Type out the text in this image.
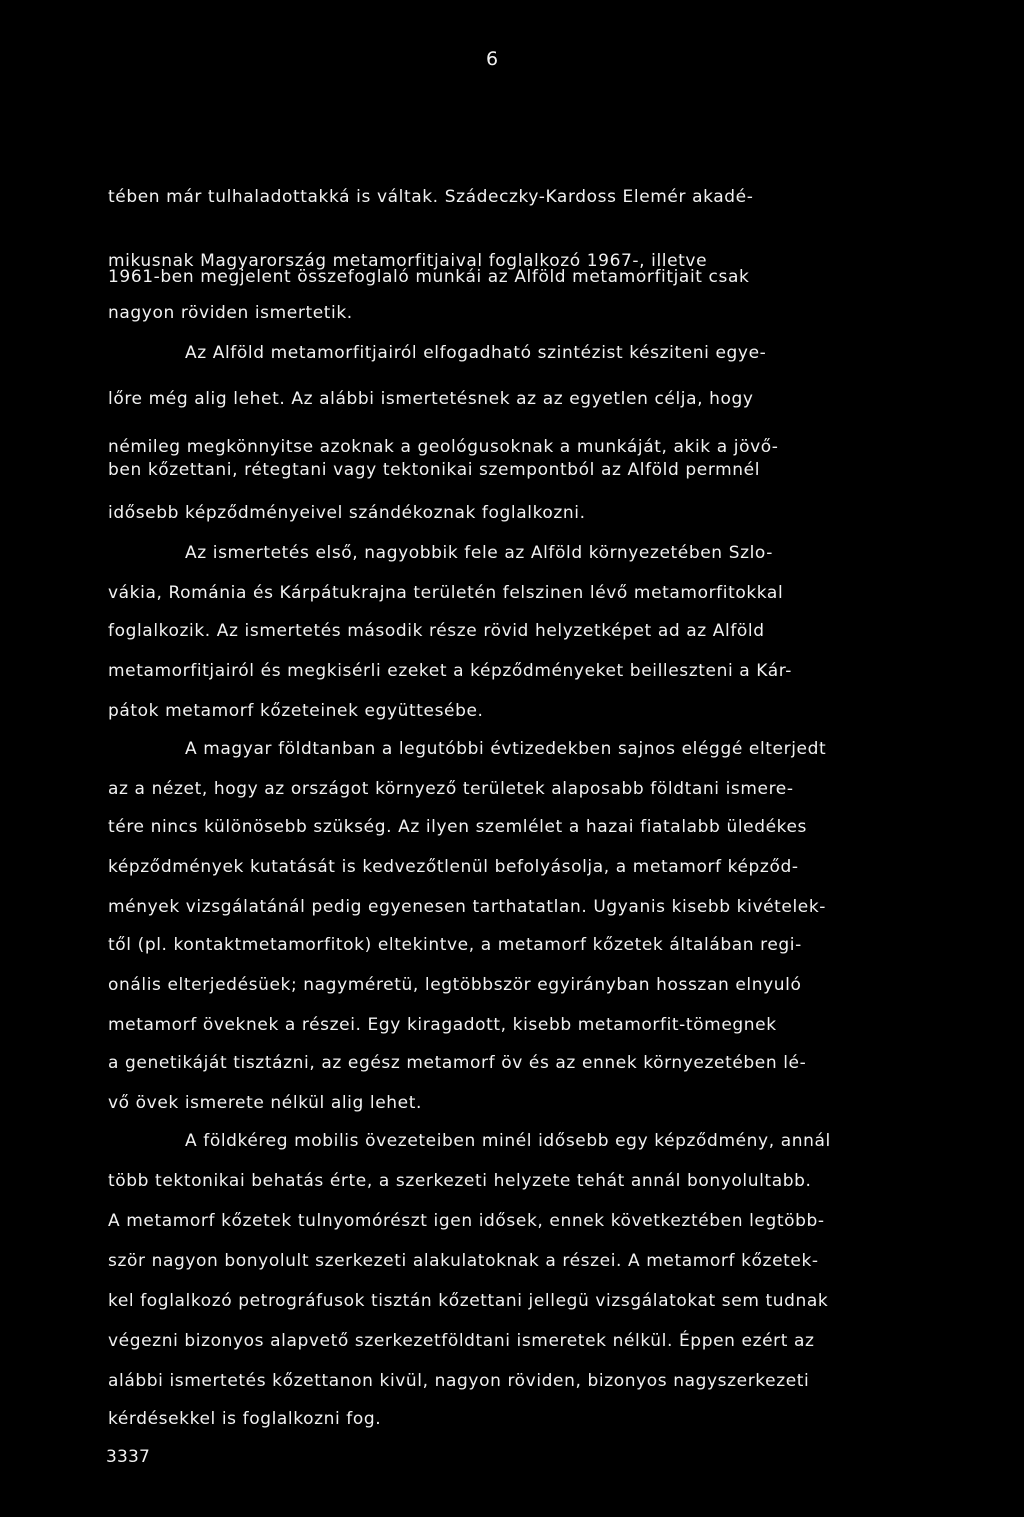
6
tében már tulhaladottakká is váltak. Szádeczky-Kardoss Elemér akadé-
mikusnak Magyarország metamorfitjaival foglalkozó 1967-, illetve
1961-ben megjelent összefoglaló munkái az Alföld metamorfitjait csak
nagyon röviden ismertetik.
Az Alföld metamorfitjairól elfogadható szintézist késziteni egye-
lőre még alig lehet. Az alábbi ismertetésnek az az egyetlen célja, hogy
némileg megkönnyitse azoknak a geológusoknak a munkáját, akik a jövő-
ben kőzettani, rétegtani vagy tektonikai szempontból az Alföld permnél
idősebb képződményeivel szándékoznak foglalkozni.
Az ismertetés első, nagyobbik fele az Alföld környezetében Szlo-
vákia, Románia és Kárpátukrajna területén felszinen lévő metamorfitokkal
foglalkozik. Az ismertetés második része rövid helyzetképet ad az Alföld
metamorfitjairól és megkisérli ezeket a képződményeket beilleszteni a Kár-
pátok metamorf kőzeteinek együttesébe.
A magyar földtanban a legutóbbi évtizedekben sajnos eléggé elterjedt
az a nézet, hogy az országot környező területek alaposabb földtani ismere-
tére nincs különösebb szükség. Az ilyen szemlélet a hazai fiatalabb üledékes
képződmények kutatását is kedvezőtlenül befolyásolja, a metamorf képződ-
mények vizsgálatánál pedig egyenesen tarthatatlan. Ugyanis kisebb kivételek-
től (pl. kontaktmetamorfitok) eltekintve, a metamorf kőzetek általában regi-
onális elterjedésüek; nagyméretü, legtöbbször egyirányban hosszan elnyuló
metamorf öveknek a részei. Egy kiragadott, kisebb metamorfit-tömegnek
a genetikáját tisztázni, az egész metamorf öv és az ennek környezetében lé-
vő övek ismerete nélkül alig lehet.
A földkéreg mobilis övezeteiben minél idősebb egy képződmény, annál
több tektonikai behatás érte, a szerkezeti helyzete tehát annál bonyolultabb.
A metamorf kőzetek tulnyomórészt igen idősek, ennek következtében legtöbb-
ször nagyon bonyolult szerkezeti alakulatoknak a részei. A metamorf kőzetek-
kel foglalkozó petrográfusok tisztán kőzettani jellegü vizsgálatokat sem tudnak
végezni bizonyos alapvető szerkezetföldtani ismeretek nélkül. Éppen ezért az
alábbi ismertetés kőzettanon kivül, nagyon röviden, bizonyos nagyszerkezeti
kérdésekkel is foglalkozni fog.
3337
